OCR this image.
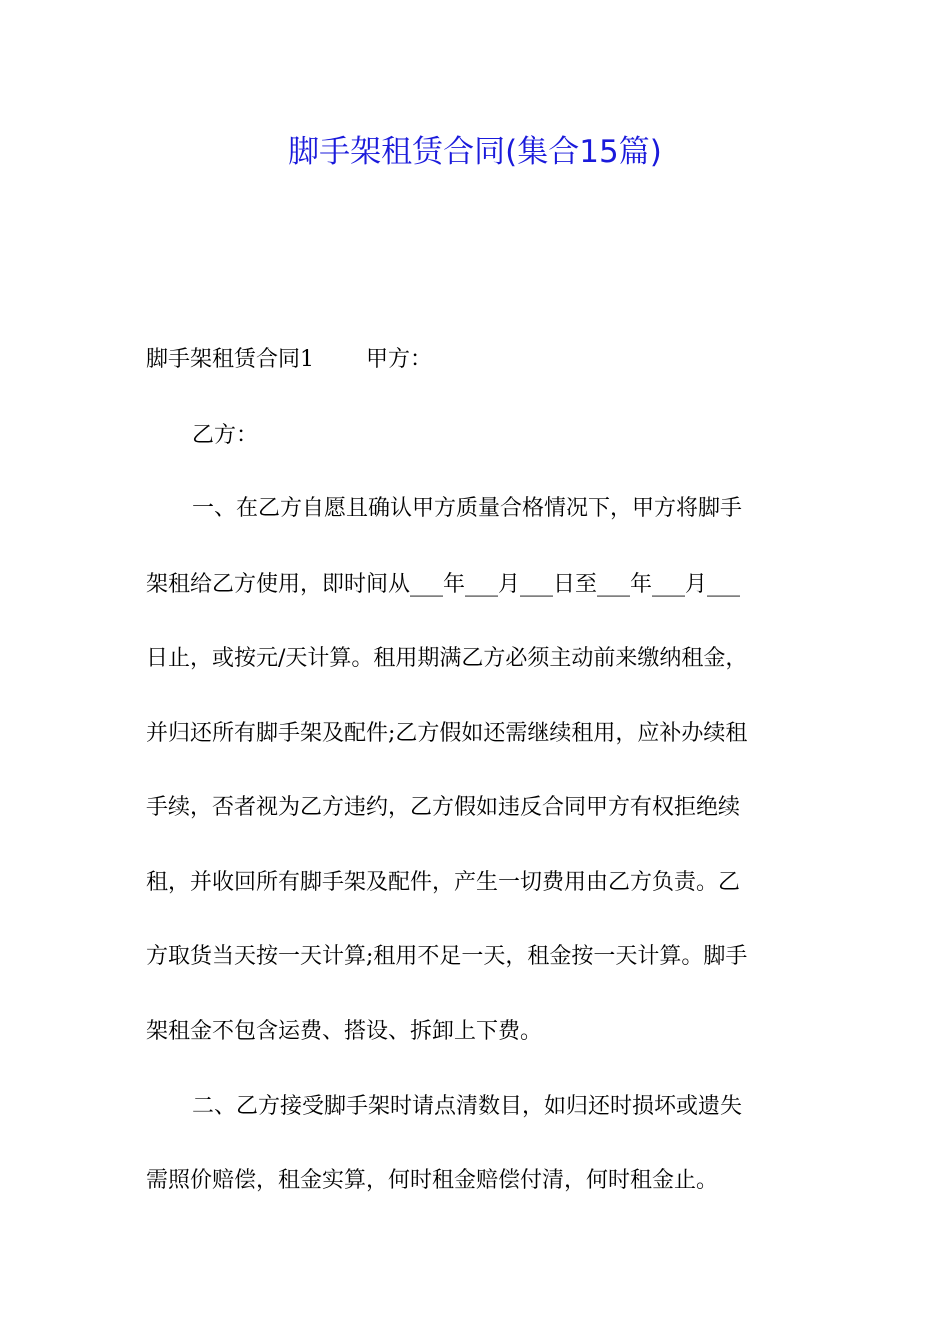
脚手架租赁合同(集合15篇)
脚手架租赁合同1 甲方：
乙方：
一、在乙方自愿且确认甲方质量合格情况下，甲方将脚手
架租给乙方使用，即时间从___年___月___日至___年___月___
日止，或按元/天计算。租用期满乙方必须主动前来缴纳租金，
并归还所有脚手架及配件;乙方假如还需继续租用，应补办续租
手续，否者视为乙方违约，乙方假如违反合同甲方有权拒绝续
租，并收回所有脚手架及配件，产生一切费用由乙方负责。乙
方取货当天按一天计算;租用不足一天，租金按一天计算。脚手
架租金不包含运费、搭设、拆卸上下费。
二、乙方接受脚手架时请点清数目，如归还时损坏或遗失
需照价赔偿，租金实算，何时租金赔偿付清，何时租金止。
